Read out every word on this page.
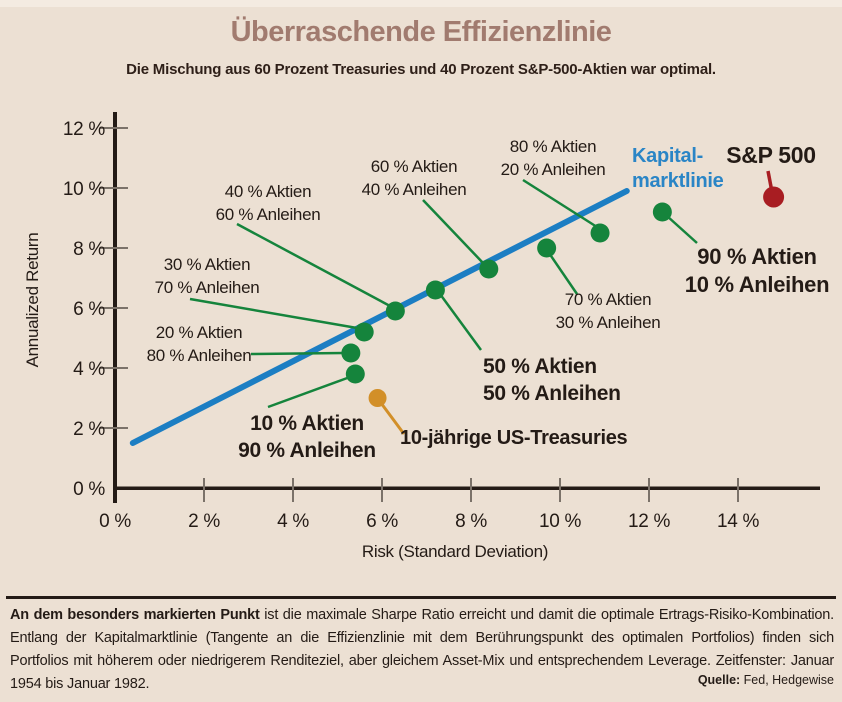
Überraschende Effizienzlinie
Die Mischung aus 60 Prozent Treasuries und 40 Prozent S&P-500-Aktien war optimal.
0 %
2 %
4 %
6 %
8 %
10 %
12 %
0 %	2 %	4 %	6 %	8 %	10 % 12 % 14 %
Annualized Return
Risk (Standard Deviation)
Kapital-
marktlinie
10 % Aktien
90 % Anleihen
20 % Aktien
80 % Anleihen
30 % Aktien
70 % Anleihen
40 % Aktien
60 % Anleihen
50 % Aktien
50 % Anleihen
60 % Aktien
40 % Anleihen
70 % Aktien
30 % Anleihen
80 % Aktien
20 % Anleihen
90 % Aktien
10 % Anleihen
10-jährige US-Treasuries
S&P 500
An dem besonders markierten Punkt ist die maximale Sharpe Ratio erreicht und damit die optimale Ertrags-Risiko-Kombination. Entlang der Kapitalmarktlinie (Tangente an die Effizienzlinie mit dem Berührungspunkt des optimalen Portfolios) finden sich Portfolios mit höherem oder niedrigerem Renditeziel, aber gleichem Asset-Mix und entsprechendem Leverage. Zeitfenster: Januar 1954 bis Januar 1982.	Quelle: Fed, Hedgewise
